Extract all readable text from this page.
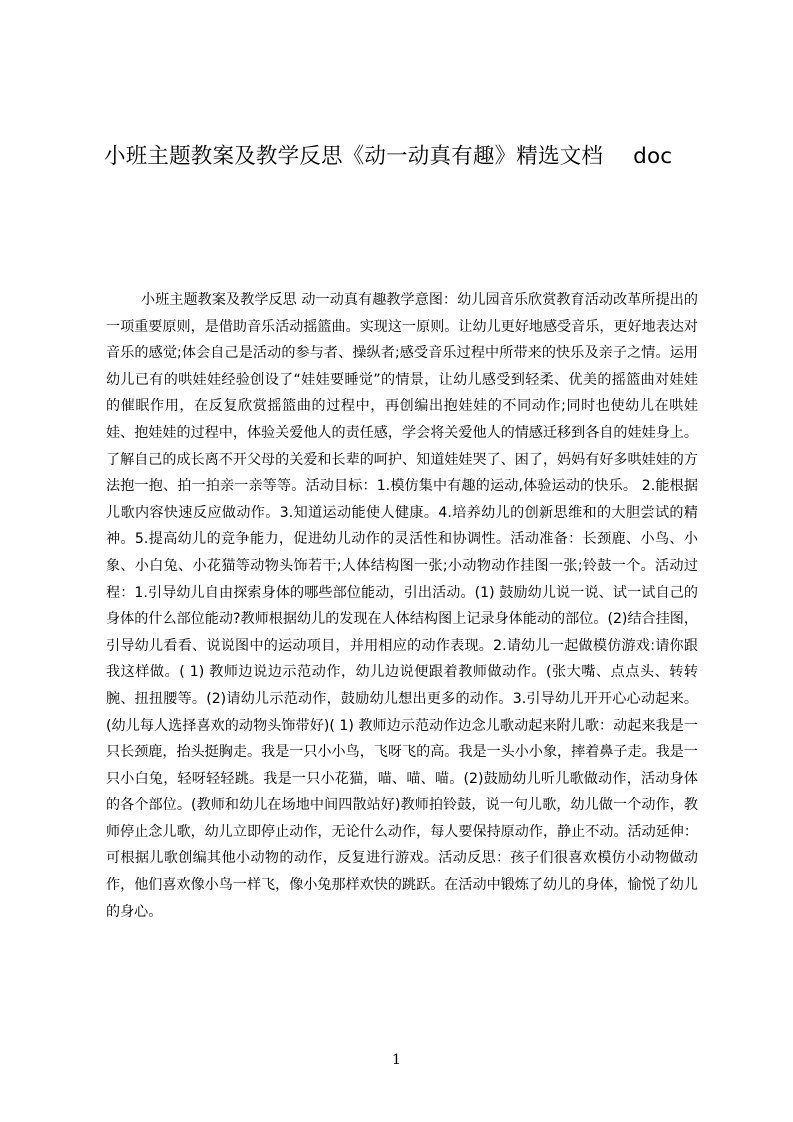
小班主题教案及教学反思《动一动真有趣》精选文档 doc

小班主题教案及教学反思 动一动真有趣教学意图：幼儿园音乐欣赏教育活动改革所提出的一项重要原则，是借助音乐活动摇篮曲。实现这一原则。让幼儿更好地感受音乐，更好地表达对音乐的感觉;体会自己是活动的参与者、操纵者;感受音乐过程中所带来的快乐及亲子之情。运用幼儿已有的哄娃娃经验创设了“娃娃要睡觉”的情景，让幼儿感受到轻柔、优美的摇篮曲对娃娃的催眠作用，在反复欣赏摇篮曲的过程中，再创编出抱娃娃的不同动作;同时也使幼儿在哄娃娃、抱娃娃的过程中，体验关爱他人的责任感，学会将关爱他人的情感迁移到各自的娃娃身上。了解自己的成长离不开父母的关爱和长辈的呵护、知道娃娃哭了、困了，妈妈有好多哄娃娃的方法抱一抱、拍一拍亲一亲等等。活动目标：1.模仿集中有趣的运动,体验运动的快乐。 2.能根据儿歌内容快速反应做动作。3.知道运动能使人健康。4.培养幼儿的创新思维和的大胆尝试的精神。5.提高幼儿的竞争能力，促进幼儿动作的灵活性和协调性。活动准备：长颈鹿、小鸟、小象、小白兔、小花猫等动物头饰若干;人体结构图一张;小动物动作挂图一张;铃鼓一个。活动过程：1.引导幼儿自由探索身体的哪些部位能动，引出活动。(1) 鼓励幼儿说一说、试一试自己的身体的什么部位能动?教师根据幼儿的发现在人体结构图上记录身体能动的部位。(2)结合挂图，引导幼儿看看、说说图中的运动项目，并用相应的动作表现。2.请幼儿一起做模仿游戏:请你跟我这样做。( 1) 教师边说边示范动作，幼儿边说便跟着教师做动作。(张大嘴、点点头、转转腕、扭扭腰等。(2)请幼儿示范动作，鼓励幼儿想出更多的动作。3.引导幼儿开开心心动起来。(幼儿每人选择喜欢的动物头饰带好)( 1) 教师边示范动作边念儿歌动起来附儿歌：动起来我是一只长颈鹿，抬头挺胸走。我是一只小小鸟，飞呀飞的高。我是一头小小象，摔着鼻子走。我是一只小白兔，轻呀轻轻跳。我是一只小花猫，喵、喵、喵。(2)鼓励幼儿听儿歌做动作，活动身体的各个部位。(教师和幼儿在场地中间四散站好)教师拍铃鼓，说一句儿歌，幼儿做一个动作，教师停止念儿歌，幼儿立即停止动作，无论什么动作，每人要保持原动作，静止不动。活动延伸：可根据儿歌创编其他小动物的动作，反复进行游戏。活动反思：孩子们很喜欢模仿小动物做动作，他们喜欢像小鸟一样飞，像小兔那样欢快的跳跃。在活动中锻炼了幼儿的身体，愉悦了幼儿的身心。

1
